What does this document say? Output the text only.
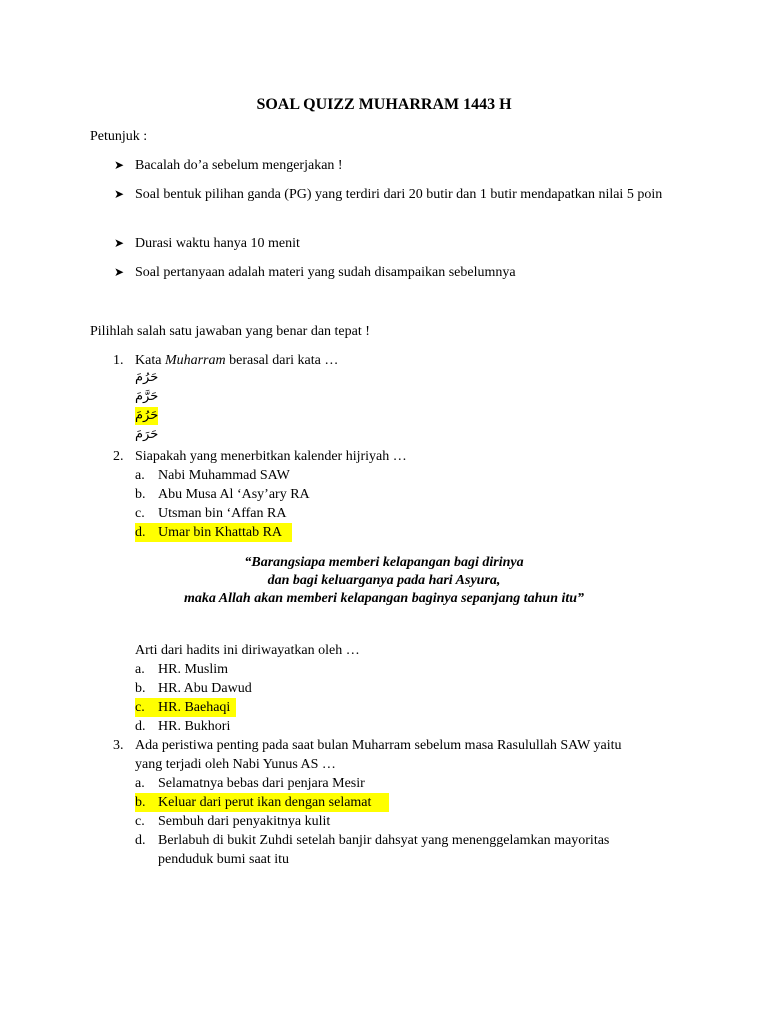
SOAL QUIZZ MUHARRAM 1443 H
Petunjuk :
➤ Bacalah do’a sebelum mengerjakan !
➤ Soal bentuk pilihan ganda (PG) yang terdiri dari 20 butir dan 1 butir mendapatkan nilai 5 poin
➤ Durasi waktu hanya 10 menit
➤ Soal pertanyaan adalah materi yang sudah disampaikan sebelumnya
Pilihlah salah satu jawaban yang benar dan tepat !
1. Kata Muharram berasal dari kata …
حَرُمَ
حَرَّمَ
حَرُمَ
حَرَمَ
2. Siapakah yang menerbitkan kalender hijriyah …
a. Nabi Muhammad SAW
b. Abu Musa Al ‘Asy’ary RA
c. Utsman bin ‘Affan RA
d. Umar bin Khattab RA
“Barangsiapa memberi kelapangan bagi dirinya
dan bagi keluarganya pada hari Asyura,
maka Allah akan memberi kelapangan baginya sepanjang tahun itu”
Arti dari hadits ini diriwayatkan oleh …
a. HR. Muslim
b. HR. Abu Dawud
c. HR. Baehaqi
d. HR. Bukhori
3. Ada peristiwa penting pada saat bulan Muharram sebelum masa Rasulullah SAW yaitu
yang terjadi oleh Nabi Yunus AS …
a. Selamatnya bebas dari penjara Mesir
b. Keluar dari perut ikan dengan selamat
c. Sembuh dari penyakitnya kulit
d. Berlabuh di bukit Zuhdi setelah banjir dahsyat yang menenggelamkan mayoritas
penduduk bumi saat itu
